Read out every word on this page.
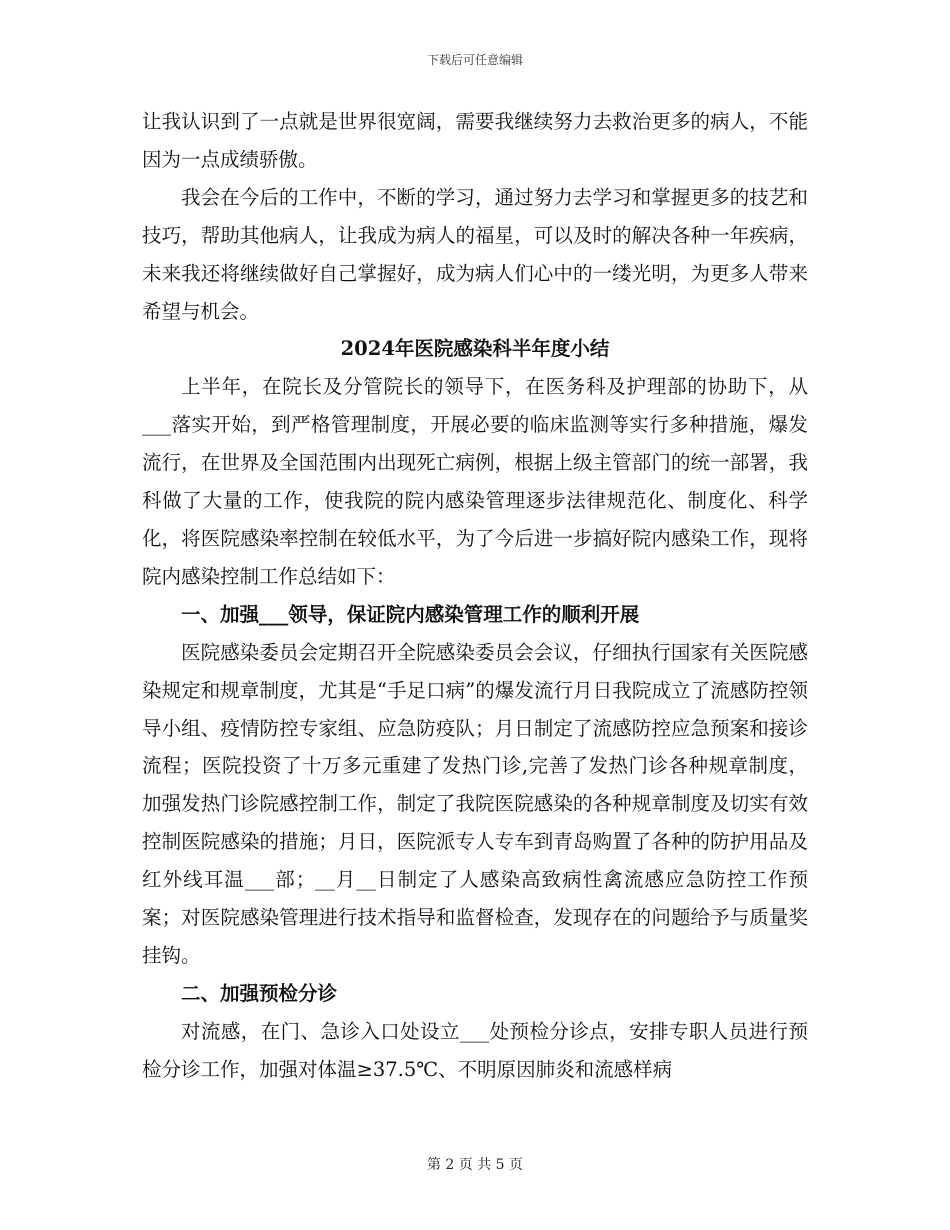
下载后可任意编辑

让我认识到了一点就是世界很宽阔，需要我继续努力去救治更多的病人，不能因为一点成绩骄傲。

我会在今后的工作中，不断的学习，通过努力去学习和掌握更多的技艺和技巧，帮助其他病人，让我成为病人的福星，可以及时的解决各种一年疾病，未来我还将继续做好自己掌握好，成为病人们心中的一缕光明，为更多人带来希望与机会。

2024年医院感染科半年度小结

上半年，在院长及分管院长的领导下，在医务科及护理部的协助下，从___落实开始，到严格管理制度，开展必要的临床监测等实行多种措施，爆发流行，在世界及全国范围内出现死亡病例，根据上级主管部门的统一部署，我科做了大量的工作，使我院的院内感染管理逐步法律规范化、制度化、科学化，将医院感染率控制在较低水平，为了今后进一步搞好院内感染工作，现将院内感染控制工作总结如下：

一、加强___领导，保证院内感染管理工作的顺利开展

医院感染委员会定期召开全院感染委员会会议，仔细执行国家有关医院感染规定和规章制度，尤其是“手足口病”的爆发流行月日我院成立了流感防控领导小组、疫情防控专家组、应急防疫队；月日制定了流感防控应急预案和接诊流程；医院投资了十万多元重建了发热门诊,完善了发热门诊各种规章制度，加强发热门诊院感控制工作，制定了我院医院感染的各种规章制度及切实有效控制医院感染的措施；月日，医院派专人专车到青岛购置了各种的防护用品及红外线耳温___部；__月__日制定了人感染高致病性禽流感应急防控工作预案；对医院感染管理进行技术指导和监督检查，发现存在的问题给予与质量奖挂钩。

二、加强预检分诊

对流感，在门、急诊入口处设立___处预检分诊点，安排专职人员进行预检分诊工作，加强对体温≥37.5℃、不明原因肺炎和流感样病

第 2 页 共 5 页
